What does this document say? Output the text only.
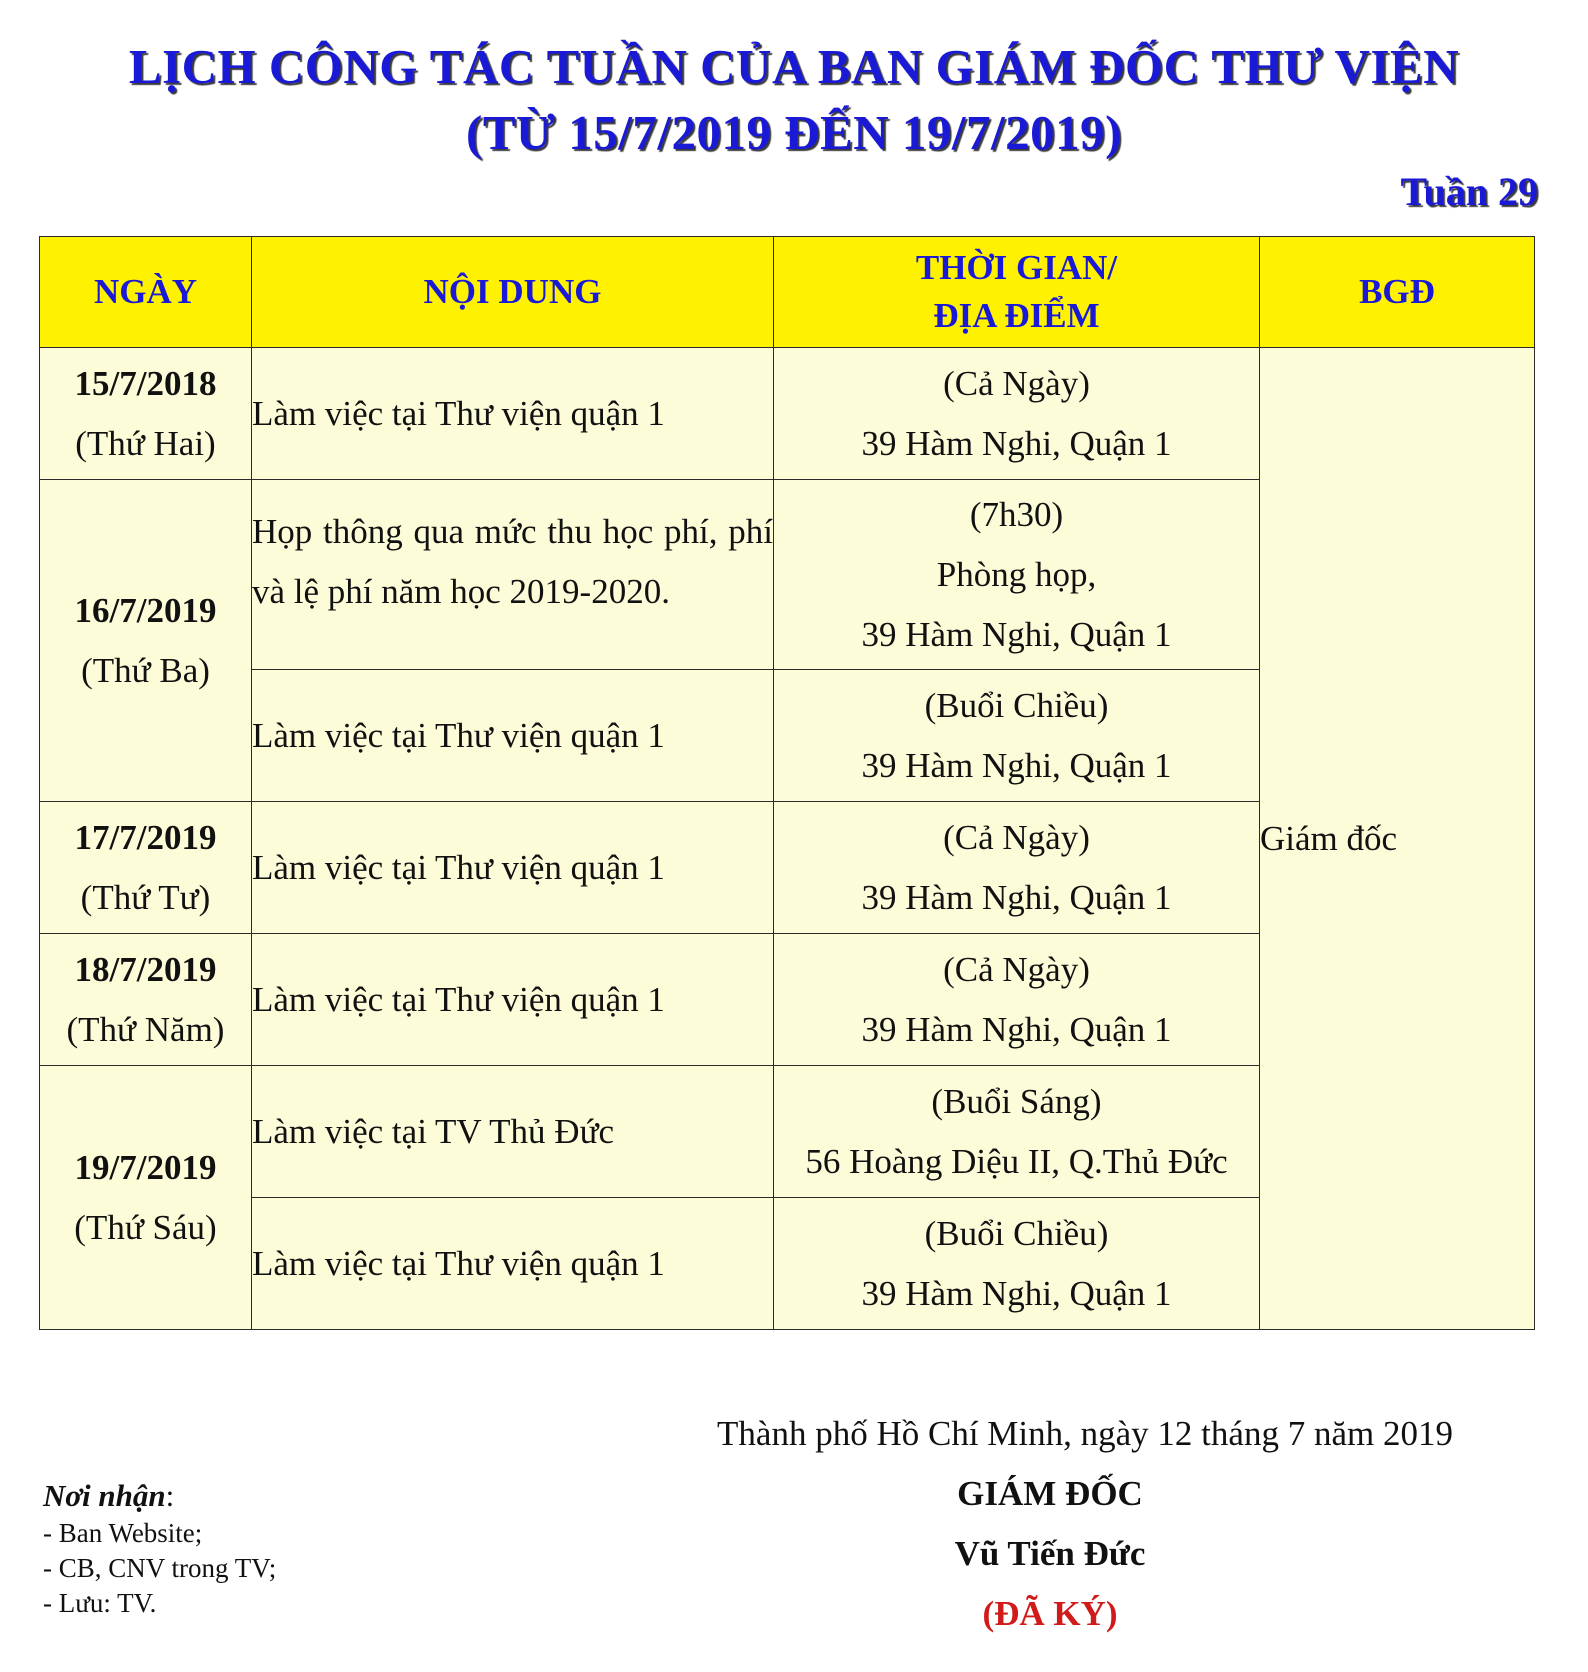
LỊCH CÔNG TÁC TUẦN CỦA BAN GIÁM ĐỐC THƯ VIỆN
(TỪ 15/7/2019 ĐẾN 19/7/2019)
Tuần 29
NGÀY	NỘI DUNG	THỜI GIAN/
ĐỊA ĐIỂM	BGĐ

15/7/2018
(Thứ Hai)	Làm việc tại Thư viện quận 1	(Cả Ngày)
39 Hàm Nghi, Quận 1	Giám đốc

16/7/2019
(Thứ Ba)	Họp thông qua mức thu học phí, phí và lệ phí năm học 2019-2020.	(7h30)
Phòng họp,
39 Hàm Nghi, Quận 1	

	Làm việc tại Thư viện quận 1	(Buổi Chiều)
39 Hàm Nghi, Quận 1	

17/7/2019
(Thứ Tư)	Làm việc tại Thư viện quận 1	(Cả Ngày)
39 Hàm Nghi, Quận 1	

18/7/2019
(Thứ Năm)	Làm việc tại Thư viện quận 1	(Cả Ngày)
39 Hàm Nghi, Quận 1	

19/7/2019
(Thứ Sáu)	Làm việc tại TV Thủ Đức	(Buổi Sáng)
56 Hoàng Diệu II, Q.Thủ Đức	

	Làm việc tại Thư viện quận 1	(Buổi Chiều)
39 Hàm Nghi, Quận 1	
Thành phố Hồ Chí Minh, ngày 12 tháng 7 năm 2019
GIÁM ĐỐC
Vũ Tiến Đức
(ĐÃ KÝ)
Nơi nhận:
- Ban Website;
- CB, CNV trong TV;
- Lưu: TV.
